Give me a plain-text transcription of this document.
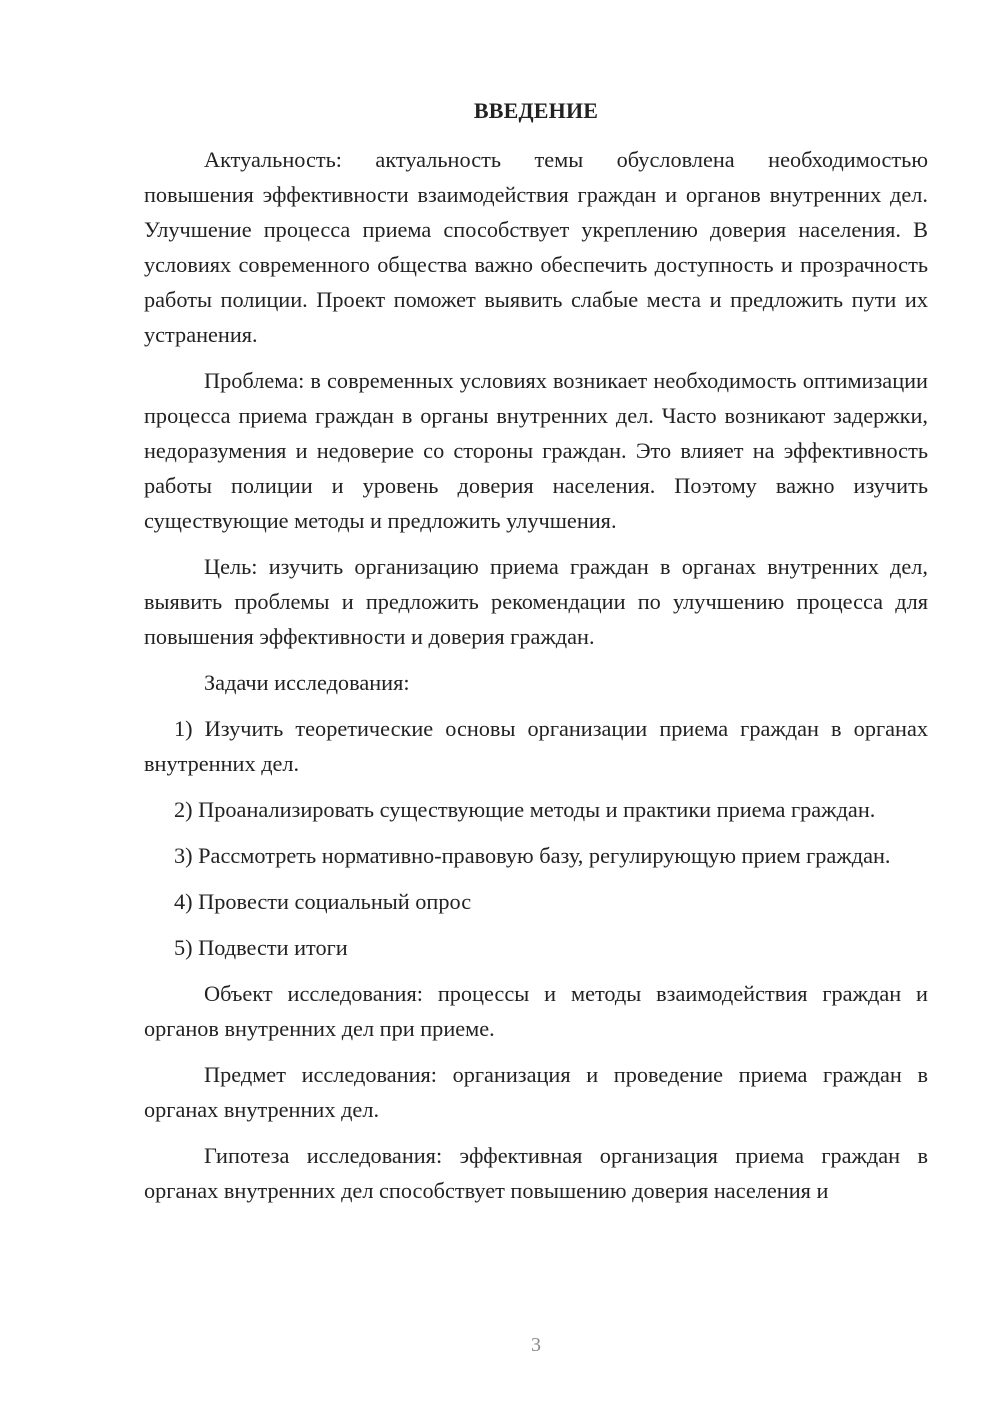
ВВЕДЕНИЕ

Актуальность: актуальность темы обусловлена необходимостью повышения эффективности взаимодействия граждан и органов внутренних дел. Улучшение процесса приема способствует укреплению доверия населения. В условиях современного общества важно обеспечить доступность и прозрачность работы полиции. Проект поможет выявить слабые места и предложить пути их устранения.

Проблема: в современных условиях возникает необходимость оптимизации процесса приема граждан в органы внутренних дел. Часто возникают задержки, недоразумения и недоверие со стороны граждан. Это влияет на эффективность работы полиции и уровень доверия населения. Поэтому важно изучить существующие методы и предложить улучшения.

Цель: изучить организацию приема граждан в органах внутренних дел, выявить проблемы и предложить рекомендации по улучшению процесса для повышения эффективности и доверия граждан.

Задачи исследования:

1) Изучить теоретические основы организации приема граждан в органах внутренних дел.

2) Проанализировать существующие методы и практики приема граждан.

3) Рассмотреть нормативно-правовую базу, регулирующую прием граждан.

4) Провести социальный опрос

5) Подвести итоги

Объект исследования: процессы и методы взаимодействия граждан и органов внутренних дел при приеме.

Предмет исследования: организация и проведение приема граждан в органах внутренних дел.

Гипотеза исследования: эффективная организация приема граждан в органах внутренних дел способствует повышению доверия населения и

3
